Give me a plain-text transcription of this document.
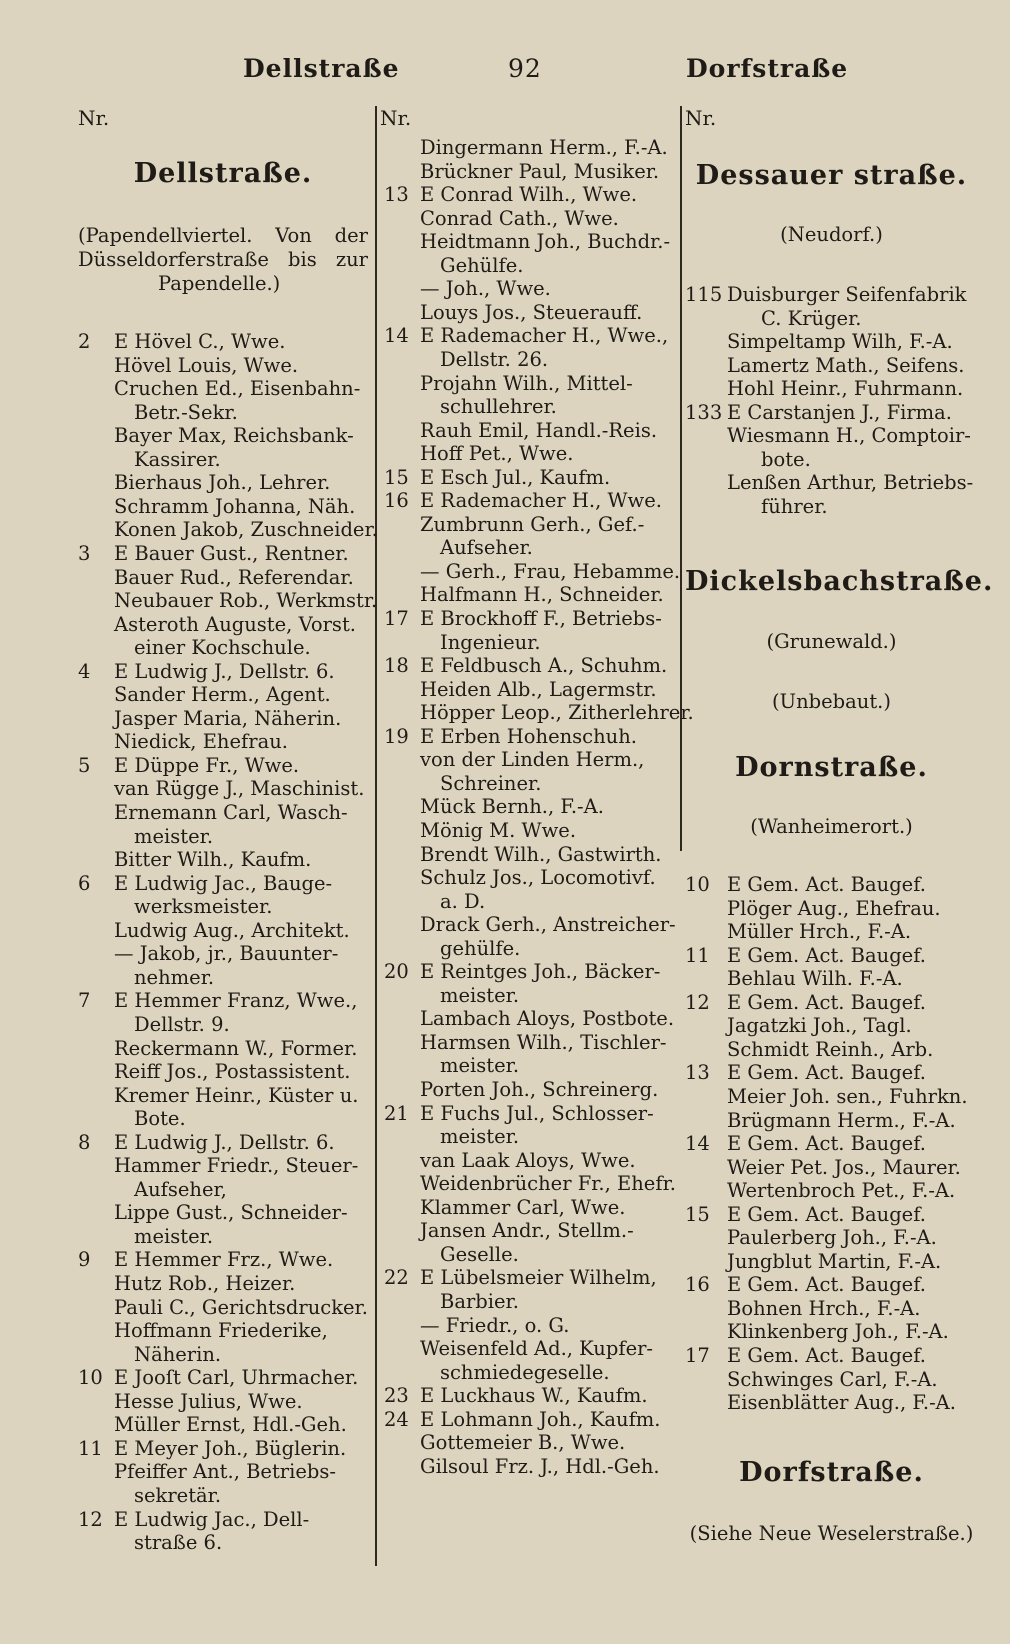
Dellstraße	92	Dorfstraße
Nr.	Nr.	Nr.
Dellstraße.
(Papendellviertel. Von der
Düsseldorferstraße bis zur
Papendelle.)
2 E Hövel C., Wwe.
Hövel Louis, Wwe.
Cruchen Ed., Eisenbahn-
Betr.-Sekr.
Bayer Max, Reichsbank-
Kassirer.
Bierhaus Joh., Lehrer.
Schramm Johanna, Näh.
Konen Jakob, Zuschneider.
3 E Bauer Gust., Rentner.
Bauer Rud., Referendar.
Neubauer Rob., Werkmstr.
Asteroth Auguste, Vorst.
einer Kochschule.
4 E Ludwig J., Dellstr. 6.
Sander Herm., Agent.
Jasper Maria, Näherin.
Niedick, Ehefrau.
5 E Düppe Fr., Wwe.
van Rügge J., Maschinist.
Ernemann Carl, Wasch-
meister.
Bitter Wilh., Kaufm.
6 E Ludwig Jac., Bauge-
werksmeister.
Ludwig Aug., Architekt.
— Jakob, jr., Bauunter-
nehmer.
7 E Hemmer Franz, Wwe.,
Dellstr. 9.
Reckermann W., Former.
Reiff Jos., Postassistent.
Kremer Heinr., Küster u.
Bote.
8 E Ludwig J., Dellstr. 6.
Hammer Friedr., Steuer-
Aufseher,
Lippe Gust., Schneider-
meister.
9 E Hemmer Frz., Wwe.
Hutz Rob., Heizer.
Pauli C., Gerichtsdrucker.
Hoffmann Friederike,
Näherin.
10 E Jooſt Carl, Uhrmacher.
Hesse Julius, Wwe.
Müller Ernst, Hdl.-Geh.
11 E Meyer Joh., Büglerin.
Pfeiffer Ant., Betriebs-
sekretär.
12 E Ludwig Jac., Dell-
straße 6.
Dingermann Herm., F.-A.
Brückner Paul, Musiker.
13 E Conrad Wilh., Wwe.
Conrad Cath., Wwe.
Heidtmann Joh., Buchdr.-
Gehülfe.
— Joh., Wwe.
Louys Jos., Steuerauff.
14 E Rademacher H., Wwe.,
Dellstr. 26.
Projahn Wilh., Mittel-
schullehrer.
Rauh Emil, Handl.-Reis.
Hoff Pet., Wwe.
15 E Esch Jul., Kaufm.
16 E Rademacher H., Wwe.
Zumbrunn Gerh., Gef.-
Aufseher.
— Gerh., Frau, Hebamme.
Halfmann H., Schneider.
17 E Brockhoff F., Betriebs-
Ingenieur.
18 E Feldbusch A., Schuhm.
Heiden Alb., Lagermstr.
Höpper Leop., Zitherlehrer.
19 E Erben Hohenschuh.
von der Linden Herm.,
Schreiner.
Mück Bernh., F.-A.
Mönig M. Wwe.
Brendt Wilh., Gastwirth.
Schulz Jos., Locomotivf.
a. D.
Drack Gerh., Anstreicher-
gehülfe.
20 E Reintges Joh., Bäcker-
meister.
Lambach Aloys, Postbote.
Harmsen Wilh., Tischler-
meister.
Porten Joh., Schreinerg.
21 E Fuchs Jul., Schlosser-
meister.
van Laak Aloys, Wwe.
Weidenbrücher Fr., Ehefr.
Klammer Carl, Wwe.
Jansen Andr., Stellm.-
Geselle.
22 E Lübelsmeier Wilhelm,
Barbier.
— Friedr., o. G.
Weisenfeld Ad., Kupfer-
schmiedegeselle.
23 E Luckhaus W., Kaufm.
24 E Lohmann Joh., Kaufm.
Gottemeier B., Wwe.
Gilsoul Frz. J., Hdl.-Geh.
Dessauer straße.
(Neudorf.)
115 Duisburger Seifenfabrik
C. Krüger.
Simpeltamp Wilh, F.-A.
Lamertz Math., Seifens.
Hohl Heinr., Fuhrmann.
133 E Carstanjen J., Firma.
Wiesmann H., Comptoir-
bote.
Lenßen Arthur, Betriebs-
führer.
Dickelsbachstraße.
(Grunewald.)
(Unbebaut.)
Dornstraße.
(Wanheimerort.)
10 E Gem. Act. Baugef.
Plöger Aug., Ehefrau.
Müller Hrch., F.-A.
11 E Gem. Act. Baugef.
Behlau Wilh. F.-A.
12 E Gem. Act. Baugef.
Jagatzki Joh., Tagl.
Schmidt Reinh., Arb.
13 E Gem. Act. Baugef.
Meier Joh. sen., Fuhrkn.
Brügmann Herm., F.-A.
14 E Gem. Act. Baugef.
Weier Pet. Jos., Maurer.
Wertenbroch Pet., F.-A.
15 E Gem. Act. Baugef.
Paulerberg Joh., F.-A.
Jungblut Martin, F.-A.
16 E Gem. Act. Baugef.
Bohnen Hrch., F.-A.
Klinkenberg Joh., F.-A.
17 E Gem. Act. Baugef.
Schwinges Carl, F.-A.
Eisenblätter Aug., F.-A.
Dorfstraße.
(Siehe Neue Weselerstraße.)
